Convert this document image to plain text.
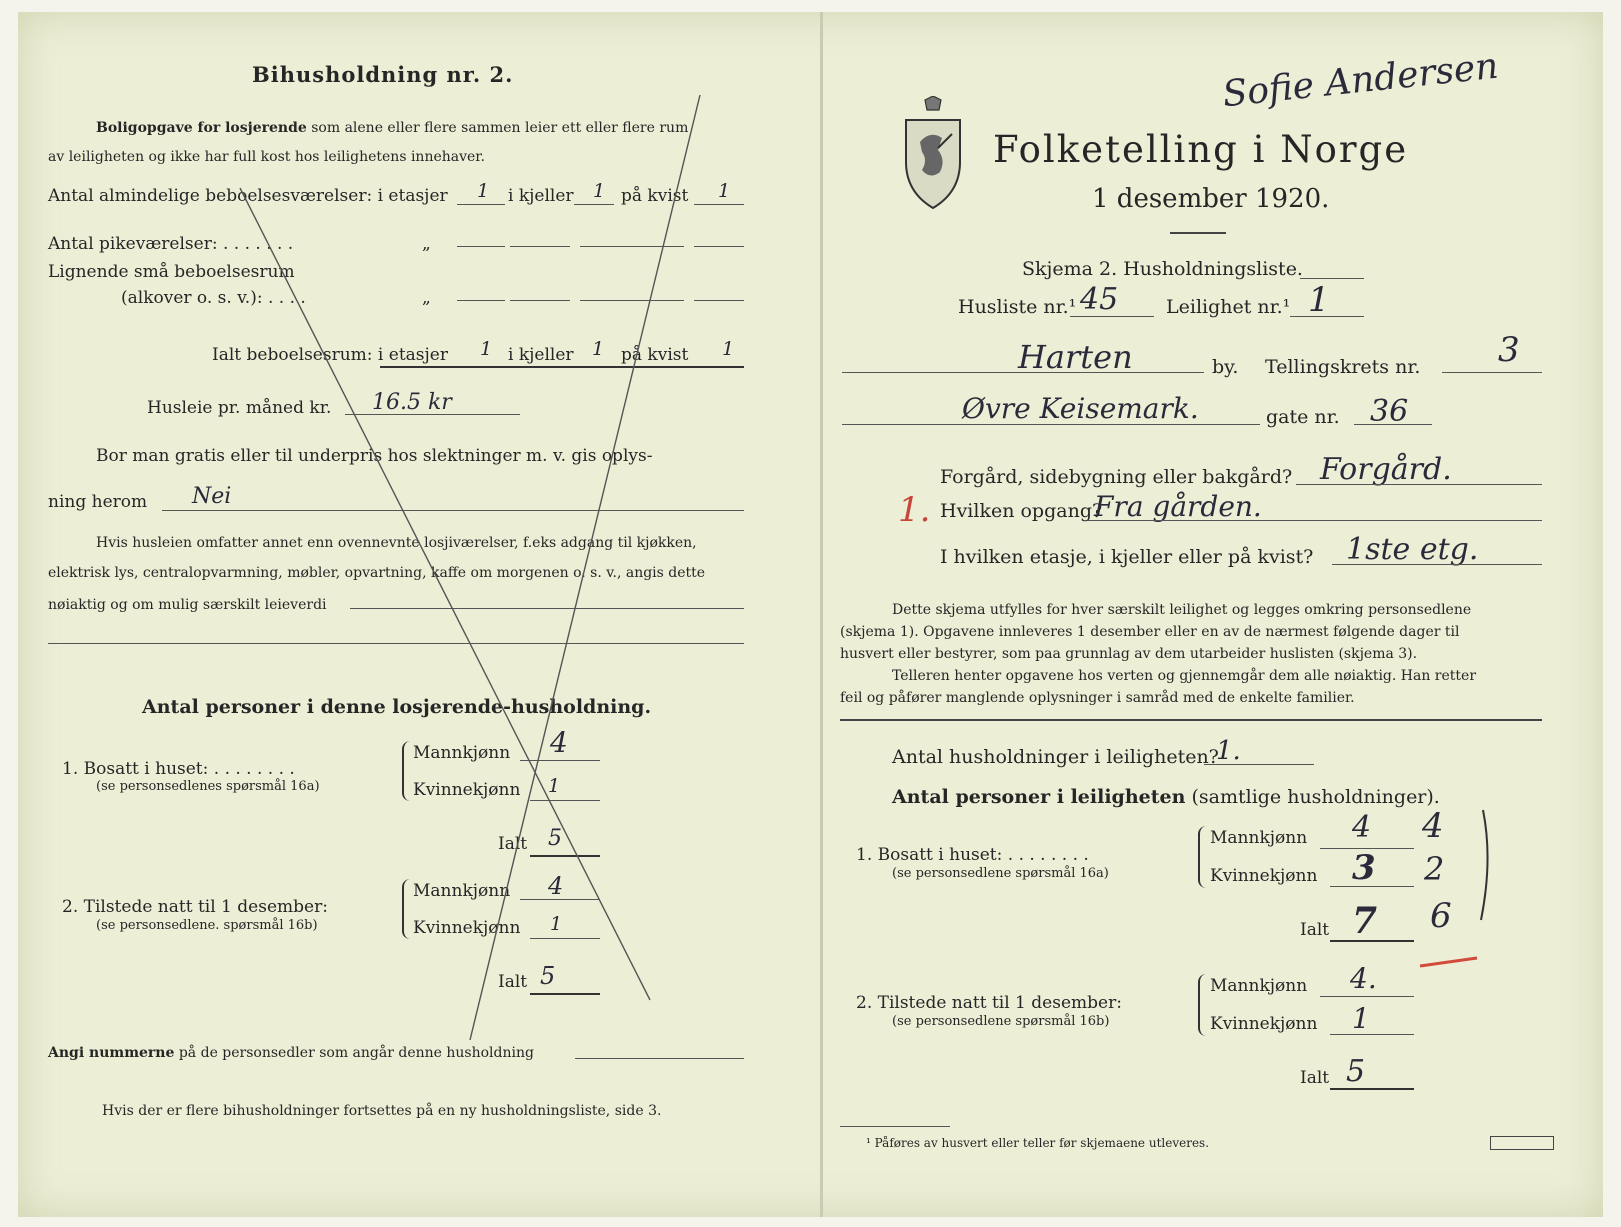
Bihusholdning nr. 2.
Boligopgave for losjerende som alene eller flere sammen leier ett eller flere rum
av leiligheten og ikke har full kost hos leilighetens innehaver.
Antal almindelige beboelsesværelser: i etasjer 1 i kjeller 1 på kvist 1
Antal pikeværelser: . . . . . . .	„
Lignende små beboelsesrum
(alkover o. s. v.): . . . .	„
Ialt beboelsesrum: i etasjer 1 i kjeller 1 på kvist 1
Husleie pr. måned kr. 16.5 kr
Bor man gratis eller til underpris hos slektninger m. v. gis oplys-
ning herom Nei
Hvis husleien omfatter annet enn ovennevnte losjiværelser, f.eks adgang til kjøkken,
elektrisk lys, centralopvarmning, møbler, opvartning, kaffe om morgenen o. s. v., angis dette
nøiaktig og om mulig særskilt leieverdi
Antal personer i denne losjerende-husholdning.
1. Bosatt i huset: . . . . . . . .
(se personsedlenes spørsmål 16a)
Mannkjønn 4
Kvinnekjønn 1
Ialt 5
2. Tilstede natt til 1 desember:
(se personsedlene. spørsmål 16b)
Mannkjønn 4
Kvinnekjønn 1
Ialt 5
Angi nummerne på de personsedler som angår denne husholdning
Hvis der er flere bihusholdninger fortsettes på en ny husholdningsliste, side 3.
Sofie Andersen
Folketelling i Norge
1 desember 1920.
Skjema 2. Husholdningsliste.
Husliste nr.¹ 45	Leilighet nr.¹ 1
Harten	by. Tellingskrets nr. 3
Øvre Keisemark.	gate nr. 36
Forgård, sidebygning eller bakgård? Forgård.
1. Hvilken opgang?
Fra gården.
I hvilken etasje, i kjeller eller på kvist? 1ste etg.
Dette skjema utfylles for hver særskilt leilighet og legges omkring personsedlene
(skjema 1). Opgavene innleveres 1 desember eller en av de nærmest følgende dager til
husvert eller bestyrer, som paa grunnlag av dem utarbeider huslisten (skjema 3).
Telleren henter opgavene hos verten og gjennemgår dem alle nøiaktig. Han retter
feil og påfører manglende oplysninger i samråd med de enkelte familier.
Antal husholdninger i leiligheten?
1.
Antal personer i leiligheten (samtlige husholdninger).
1. Bosatt i huset: . . . . . . . .
(se personsedlene spørsmål 16a)
Mannkjønn 4 4
Kvinnekjønn 3 2
Ialt 7 6
2. Tilstede natt til 1 desember:
(se personsedlene spørsmål 16b)
Mannkjønn 4.
Kvinnekjønn 1
Ialt 5
¹ Påføres av husvert eller teller før skjemaene utleveres.
